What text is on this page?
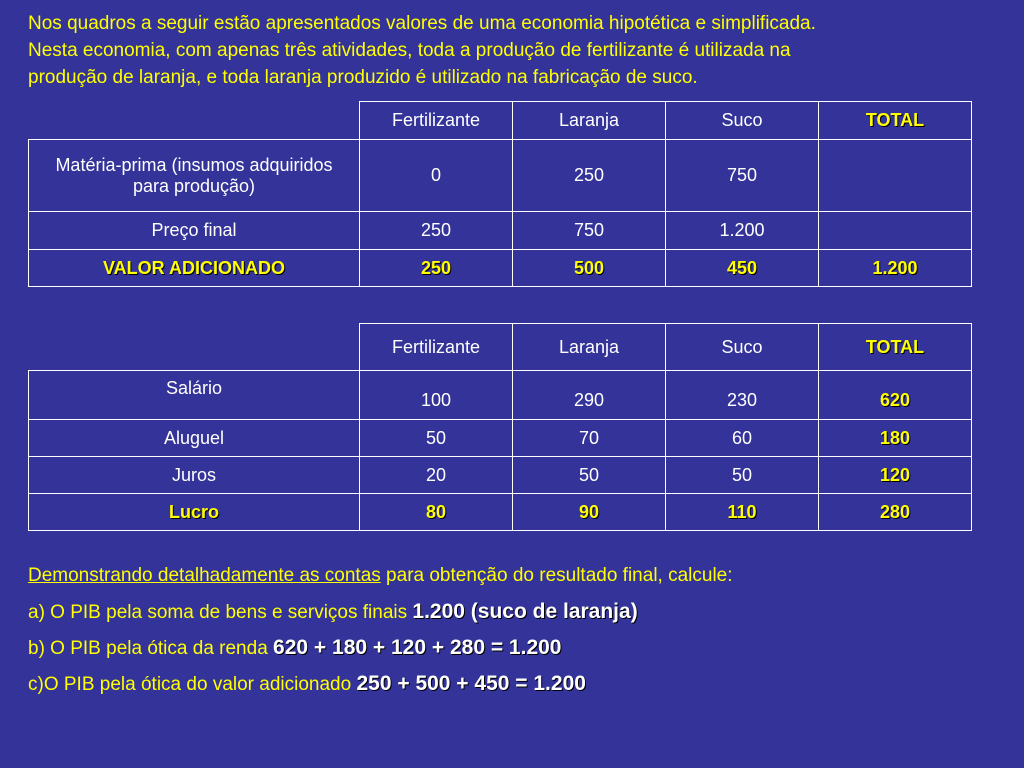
Nos quadros a seguir estão apresentados valores de uma economia hipotética e simplificada.
Nesta economia, com apenas três atividades, toda a produção de fertilizante é utilizada na
produção de laranja, e toda laranja produzido é utilizado na fabricação de suco.
	Fertilizante	Laranja	Suco	TOTAL
Matéria-prima (insumos adquiridos para produção)	0	250	750	
Preço final	250	750	1.200	
VALOR ADICIONADO	250	500	450	1.200
	Fertilizante	Laranja	Suco	TOTAL

Salário	100	290	230	620

Aluguel	50	70	60	180
Juros	20	50	50	120
Lucro	80	90	110	280

Demonstrando detalhadamente as contas para obtenção do resultado final, calcule:

a) O PIB pela soma de bens e serviços finais 1.200 (suco de laranja)

b) O PIB pela ótica da renda 620 + 180 + 120 + 280 = 1.200

c)O PIB pela ótica do valor adicionado 250 + 500 + 450 = 1.200
